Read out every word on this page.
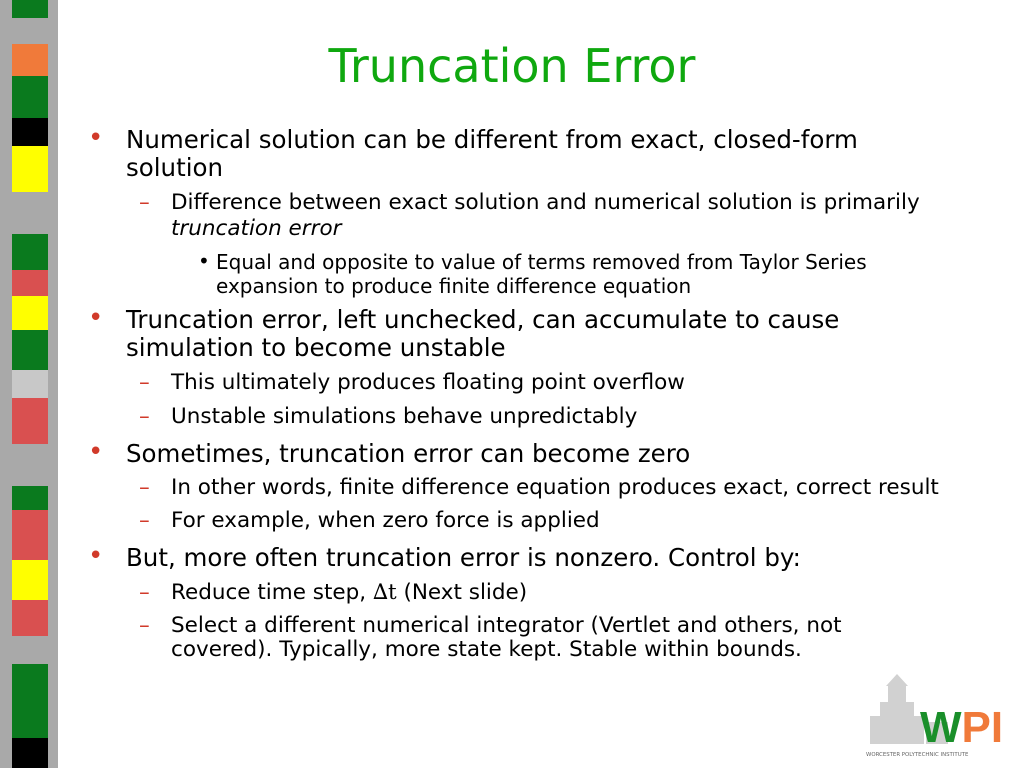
Truncation Error
• Numerical solution can be different from exact, closed-form solution
– Difference between exact solution and numerical solution is primarily truncation error
• Equal and opposite to value of terms removed from Taylor Series expansion to produce finite difference equation
• Truncation error, left unchecked, can accumulate to cause simulation to become unstable
– This ultimately produces floating point overflow
– Unstable simulations behave unpredictably
• Sometimes, truncation error can become zero
– In other words, finite difference equation produces exact, correct result
– For example, when zero force is applied
• But, more often truncation error is nonzero. Control by:
– Reduce time step, ∆t (Next slide)
– Select a different numerical integrator (Vertlet and others, not covered). Typically, more state kept. Stable within bounds.
WPI
WORCESTER POLYTECHNIC INSTITUTE
